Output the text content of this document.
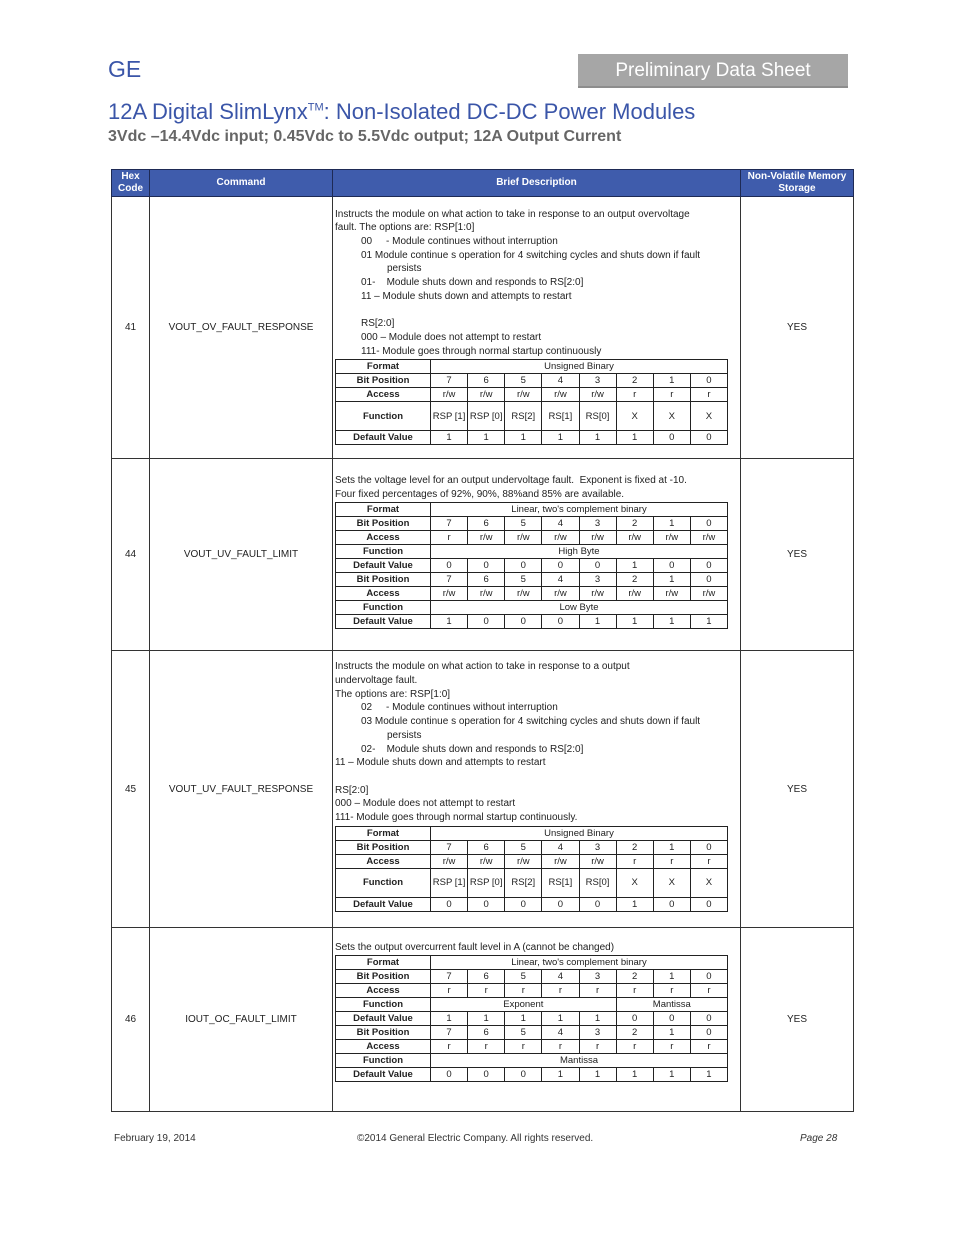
GE	Preliminary Data Sheet
12A Digital SlimLynx™: Non-Isolated DC-DC Power Modules
3Vdc –14.4Vdc input; 0.45Vdc to 5.5Vdc output; 12A Output Current
Hex Code	Command	Brief Description	Non-Volatile Memory Storage
41	VOUT_OV_FAULT_RESPONSE	
Instructs the module on what action to take in response to an output overvoltage
fault. The options are: RSP[1:0]
00     - Module continues without interruption
01 Module continue s operation for 4 switching cycles and shuts down if fault persists
01-    Module shuts down and responds to RS[2:0]
11 – Module shuts down and attempts to restart
RS[2:0]
000 – Module does not attempt to restart
111- Module goes through normal startup continuously
Format	Unsigned Binary
Bit Position	7	6	5	4	3	2	1	0
Access	r/w	r/w	r/w	r/w	r/w	r	r	r
Function	RSP [1]	RSP [0]	RS[2]	RS[1]	RS[0]	X	X	X
Default Value	1	1	1	1	1	1	0	0
	YES
44	VOUT_UV_FAULT_LIMIT	
Sets the voltage level for an output undervoltage fault.  Exponent is fixed at -10.
Four fixed percentages of 92%, 90%, 88%and 85% are available.
Format	Linear, two's complement binary
Bit Position	7	6	5	4	3	2	1	0
Access	r	r/w	r/w	r/w	r/w	r/w	r/w	r/w
Function	High Byte
Default Value	0	0	0	0	0	1	0	0
Bit Position	7	6	5	4	3	2	1	0
Access	r/w	r/w	r/w	r/w	r/w	r/w	r/w	r/w
Function	Low Byte
Default Value	1	0	0	0	1	1	1	1
	YES
45	VOUT_UV_FAULT_RESPONSE	
Instructs the module on what action to take in response to a output
undervoltage fault.
The options are: RSP[1:0]
02     - Module continues without interruption
03 Module continue s operation for 4 switching cycles and shuts down if fault persists
02-    Module shuts down and responds to RS[2:0]
11 – Module shuts down and attempts to restart
RS[2:0]
000 – Module does not attempt to restart
111- Module goes through normal startup continuously.
Format	Unsigned Binary
Bit Position	7	6	5	4	3	2	1	0
Access	r/w	r/w	r/w	r/w	r/w	r	r	r
Function	RSP [1]	RSP [0]	RS[2]	RS[1]	RS[0]	X	X	X
Default Value	0	0	0	0	0	1	0	0
	YES
46	IOUT_OC_FAULT_LIMIT	
Sets the output overcurrent fault level in A (cannot be changed)
Format	Linear, two's complement binary
Bit Position	7	6	5	4	3	2	1	0
Access	r	r	r	r	r	r	r	r
Function	Exponent	Mantissa
Default Value	1	1	1	1	1	0	0	0
Bit Position	7	6	5	4	3	2	1	0
Access	r	r	r	r	r	r	r	r
Function	Mantissa
Default Value	0	0	0	1	1	1	1	1
	YES
February 19, 2014	©2014 General Electric Company. All rights reserved.	Page 28
